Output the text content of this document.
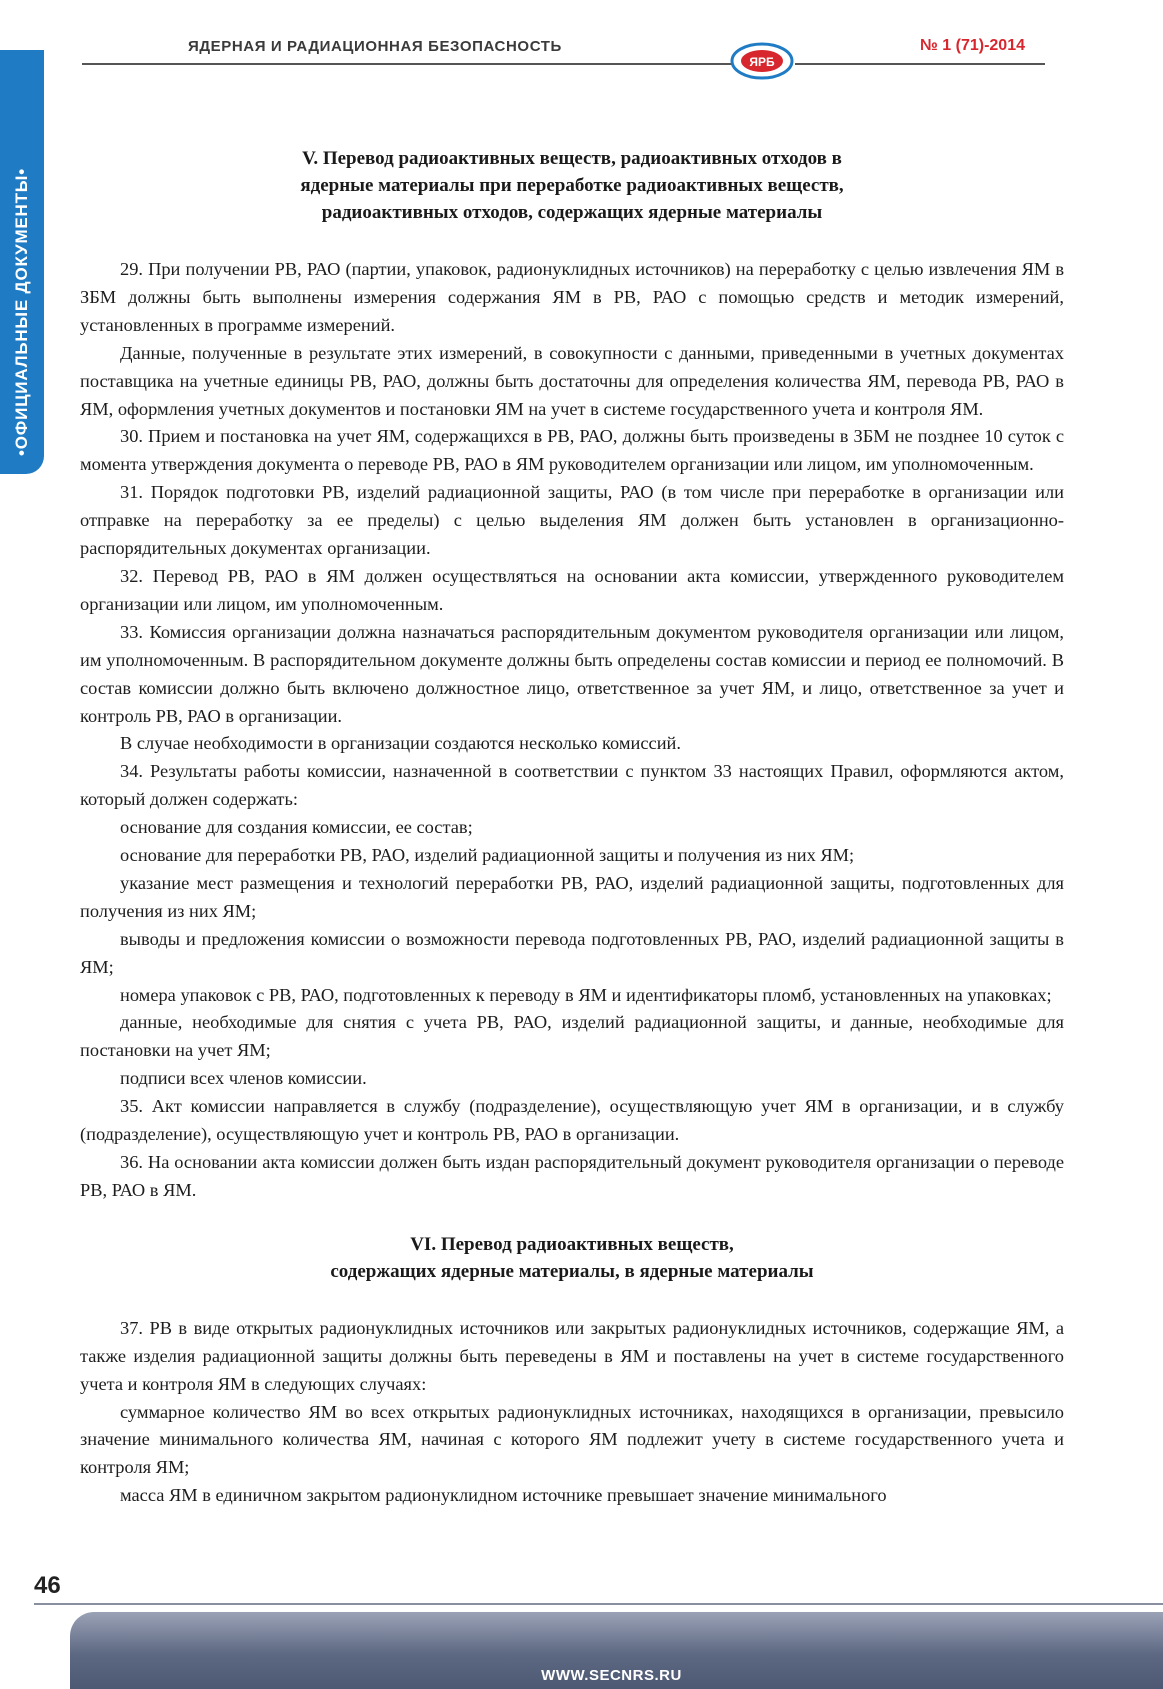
ЯДЕРНАЯ И РАДИАЦИОННАЯ БЕЗОПАСНОСТЬ
ЯРБ
№ 1 (71)-2014
•ОФИЦИАЛЬНЫЕ ДОКУМЕНТЫ•
V. Перевод радиоактивных веществ, радиоактивных отходов в
ядерные материалы при переработке радиоактивных веществ,
радиоактивных отходов, содержащих ядерные материалы

29. При получении РВ, РАО (партии, упаковок, радионуклидных источников) на переработку с целью извлечения ЯМ в ЗБМ должны быть выполнены измерения содержания ЯМ в РВ, РАО с помощью средств и методик измерений, установленных в программе измерений.

Данные, полученные в результате этих измерений, в совокупности с данными, приведенными в учетных документах поставщика на учетные единицы РВ, РАО, должны быть достаточны для определения количества ЯМ, перевода РВ, РАО в ЯМ, оформления учетных документов и постановки ЯМ на учет в системе государственного учета и контроля ЯМ.

30. Прием и постановка на учет ЯМ, содержащихся в РВ, РАО, должны быть произведены в ЗБМ не позднее 10 суток с момента утверждения документа о переводе РВ, РАО в ЯМ руководителем организации или лицом, им уполномоченным.

31. Порядок подготовки РВ, изделий радиационной защиты, РАО (в том числе при переработке в организации или отправке на переработку за ее пределы) с целью выделения ЯМ должен быть установлен в организационно-распорядительных документах организации.

32. Перевод РВ, РАО в ЯМ должен осуществляться на основании акта комиссии, утвержденного руководителем организации или лицом, им уполномоченным.

33. Комиссия организации должна назначаться распорядительным документом руководителя организации или лицом, им уполномоченным. В распорядительном документе должны быть определены состав комиссии и период ее полномочий. В состав комиссии должно быть включено должностное лицо, ответственное за учет ЯМ, и лицо, ответственное за учет и контроль РВ, РАО в организации.

В случае необходимости в организации создаются несколько комиссий.

34. Результаты работы комиссии, назначенной в соответствии с пунктом 33 настоящих Правил, оформляются актом, который должен содержать:

основание для создания комиссии, ее состав;

основание для переработки РВ, РАО, изделий радиационной защиты и получения из них ЯМ;

указание мест размещения и технологий переработки РВ, РАО, изделий радиационной защиты, подготовленных для получения из них ЯМ;

выводы и предложения комиссии о возможности перевода подготовленных РВ, РАО, изделий радиационной защиты в ЯМ;

номера упаковок с РВ, РАО, подготовленных к переводу в ЯМ и идентификаторы пломб, установленных на упаковках;

данные, необходимые для снятия с учета РВ, РАО, изделий радиационной защиты, и данные, необходимые для постановки на учет ЯМ;

подписи всех членов комиссии.

35. Акт комиссии направляется в службу (подразделение), осуществляющую учет ЯМ в организации, и в службу (подразделение), осуществляющую учет и контроль РВ, РАО в организации.

36. На основании акта комиссии должен быть издан распорядительный документ руководителя организации о переводе РВ, РАО в ЯМ.

VI. Перевод радиоактивных веществ,
содержащих ядерные материалы, в ядерные материалы

37. РВ в виде открытых радионуклидных источников или закрытых радионуклидных источников, содержащие ЯМ, а также изделия радиационной защиты должны быть переведены в ЯМ и поставлены на учет в системе государственного учета и контроля ЯМ в следующих случаях:

суммарное количество ЯМ во всех открытых радионуклидных источниках, находящихся в организации, превысило значение минимального количества ЯМ, начиная с которого ЯМ подлежит учету в системе государственного учета и контроля ЯМ;

масса ЯМ в единичном закрытом радионуклидном источнике превышает значение минимального

46
WWW.SECNRS.RU
